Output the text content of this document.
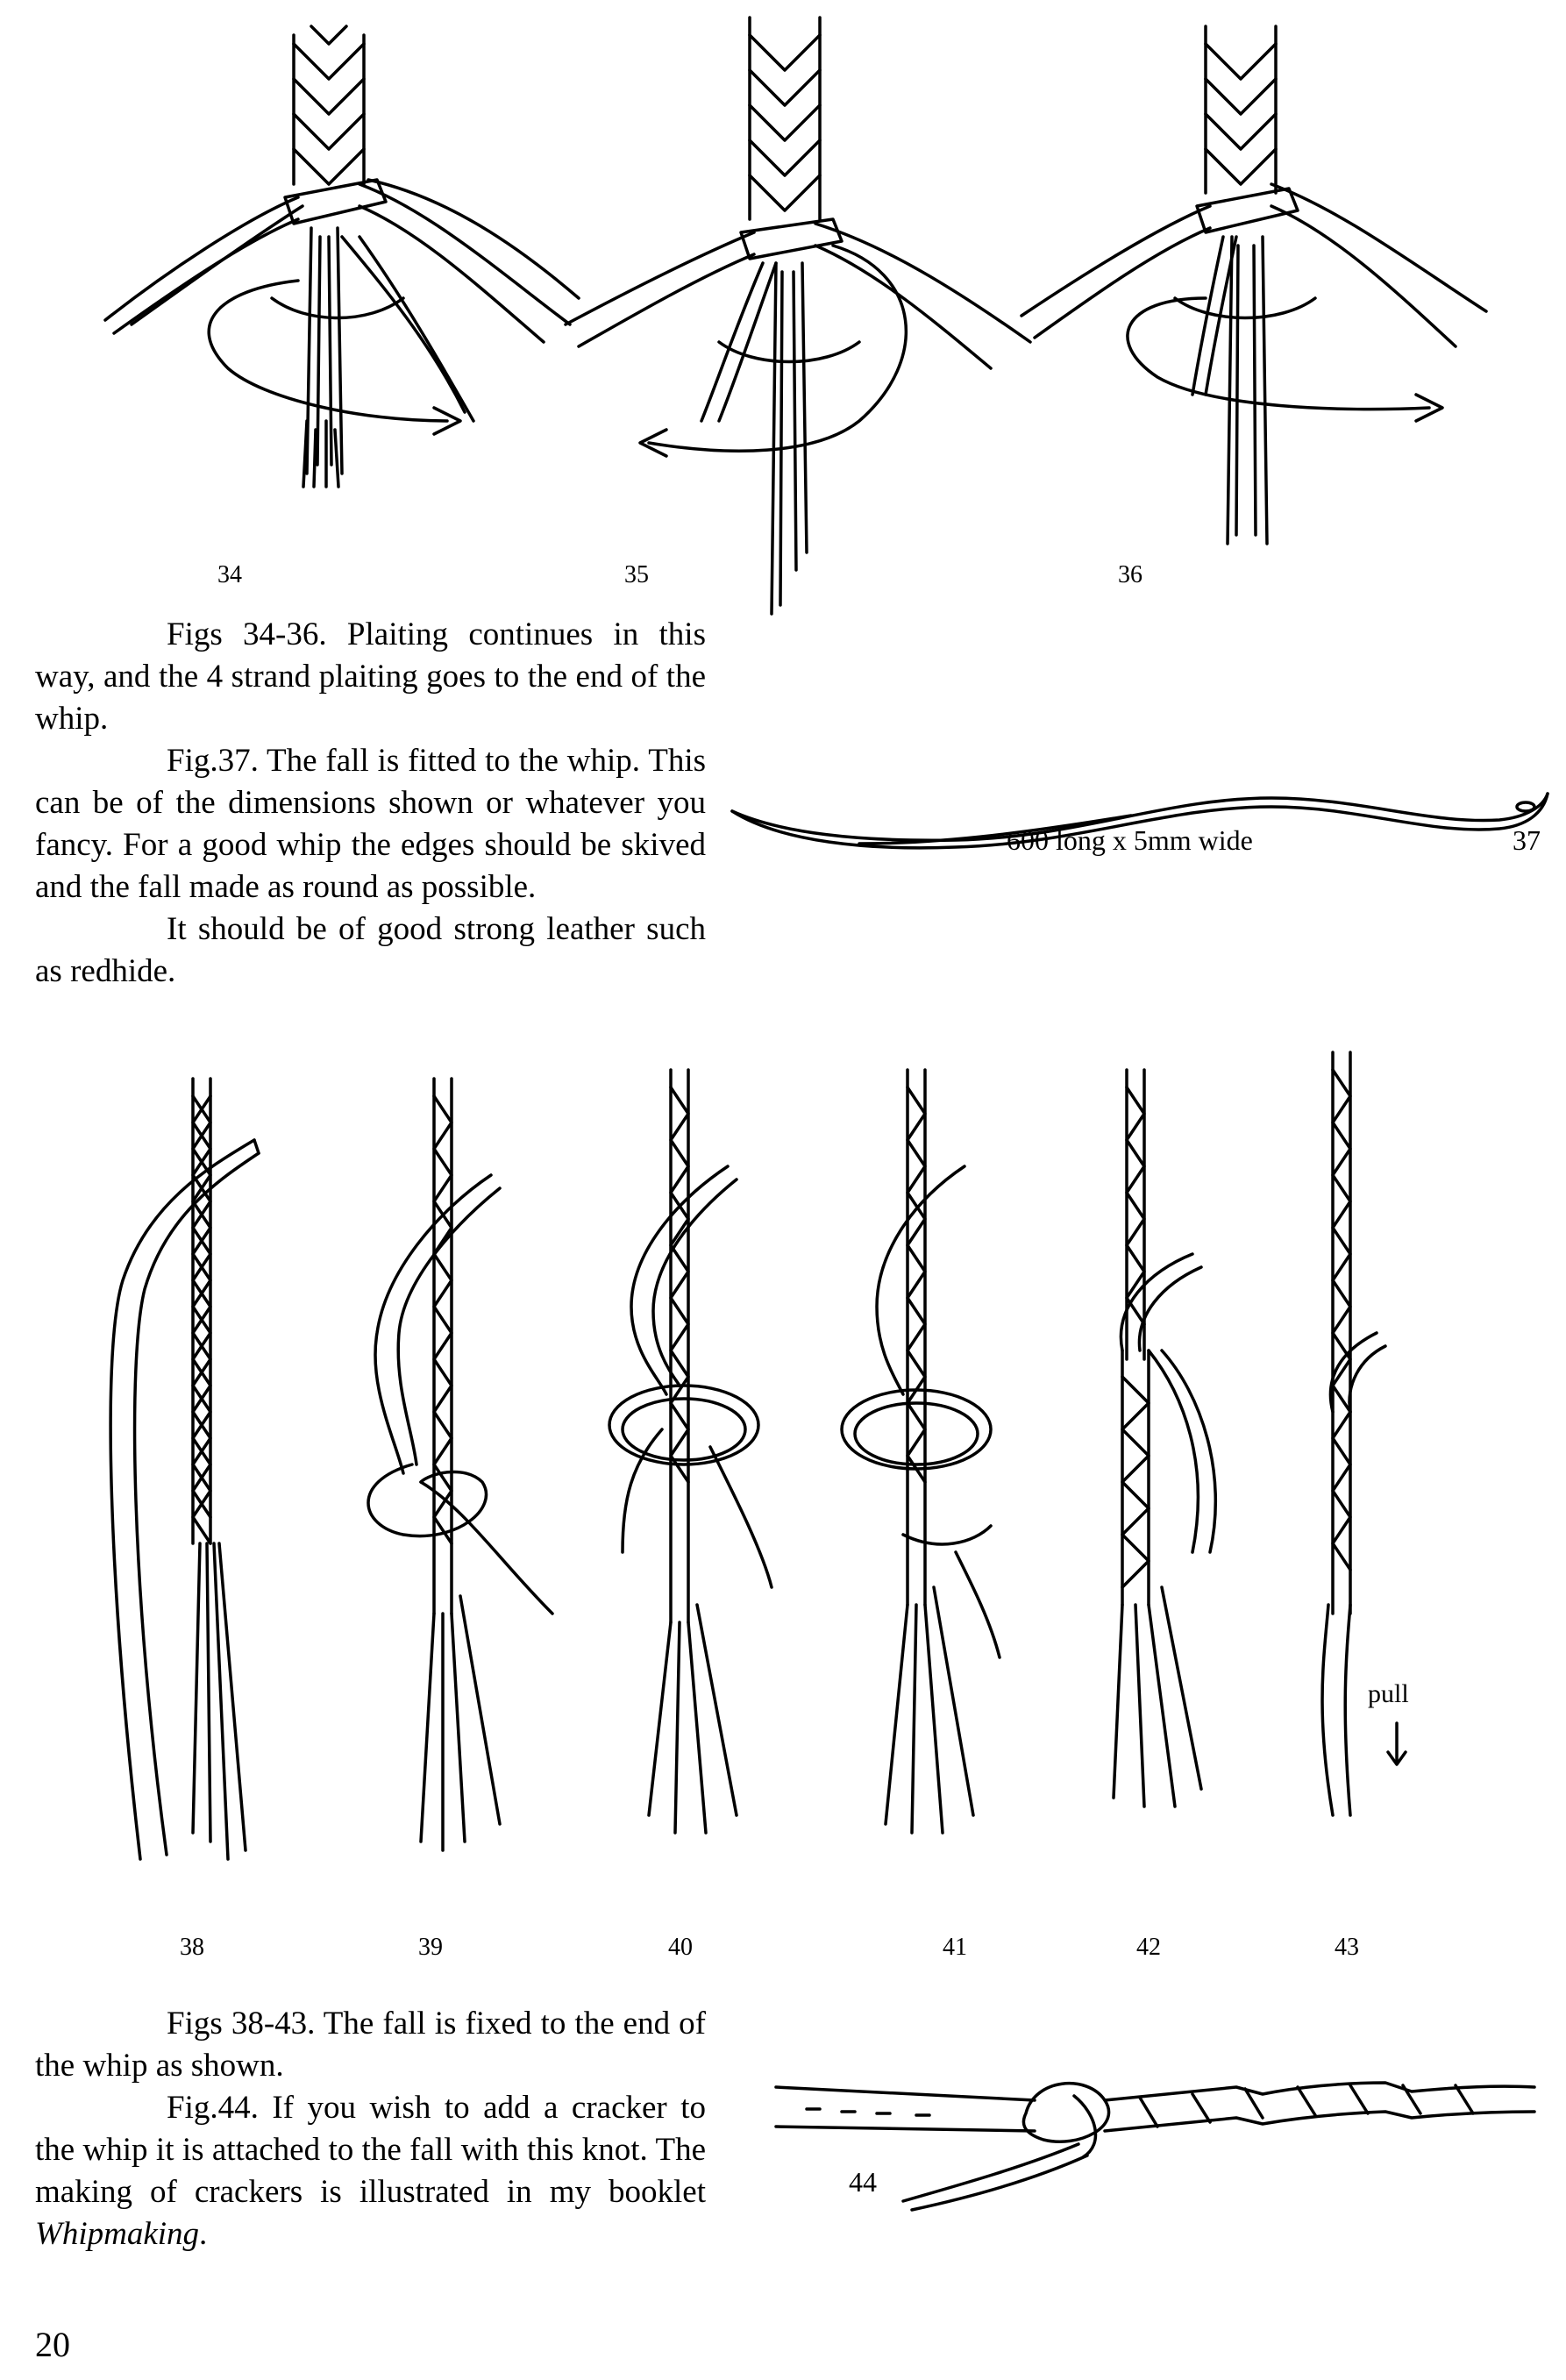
34	35	36

Figs 34-36. Plaiting continues in this way, and the 4 strand plaiting goes to the end of the whip.

Fig.37. The fall is fitted to the whip. This can be of the dimensions shown or whatever you fancy. For a good whip the edges should be skived and the fall made as round as possible.

It should be of good strong leather such as redhide.

600 long x 5mm wide	37
pull
38	39	40	41	42	43

Figs 38-43. The fall is fixed to the end of the whip as shown.

Fig.44. If you wish to add a cracker to the whip it is attached to the fall with this knot. The making of crackers is illustrated in my booklet Whipmaking.

44
20
